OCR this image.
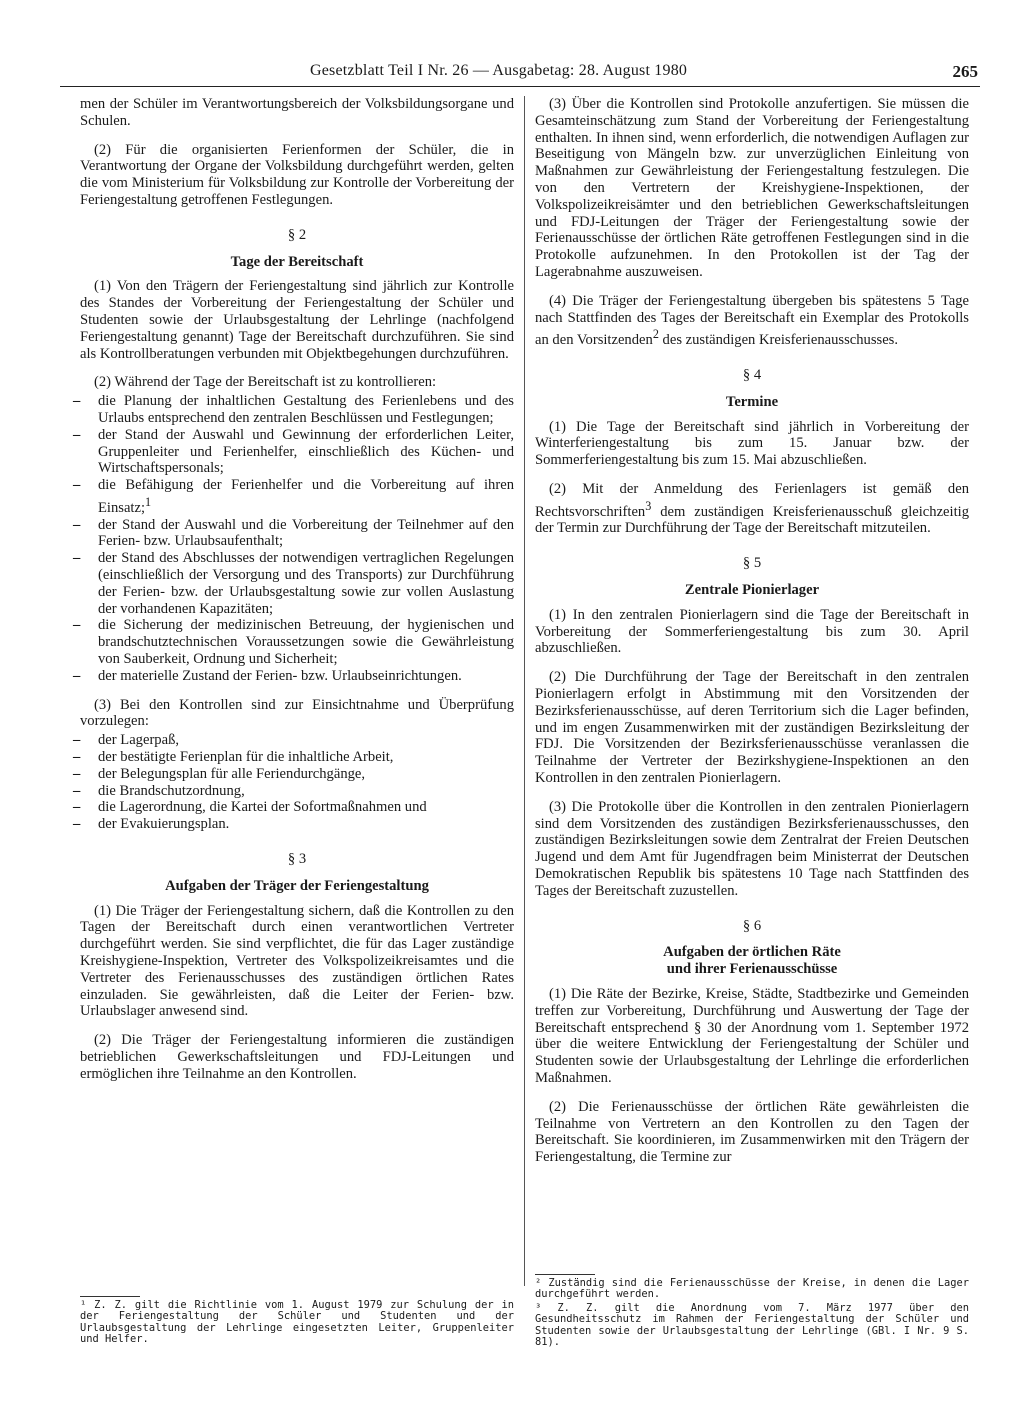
Gesetzblatt Teil I Nr. 26 — Ausgabetag: 28. August 1980	265

men der Schüler im Verantwortungsbereich der Volksbildungsorgane und Schulen.

(2) Für die organisierten Ferienformen der Schüler, die in Verantwortung der Organe der Volksbildung durchgeführt werden, gelten die vom Ministerium für Volksbildung zur Kontrolle der Vorbereitung der Feriengestaltung getroffenen Festlegungen.

§ 2
Tage der Bereitschaft

(1) Von den Trägern der Feriengestaltung sind jährlich zur Kontrolle des Standes der Vorbereitung der Feriengestaltung der Schüler und Studenten sowie der Urlaubsgestaltung der Lehrlinge (nachfolgend Feriengestaltung genannt) Tage der Bereitschaft durchzuführen. Sie sind als Kontrollberatungen verbunden mit Objektbegehungen durchzuführen.

(2) Während der Tage der Bereitschaft ist zu kontrollieren:

– die Planung der inhaltlichen Gestaltung des Ferienlebens und des Urlaubs entsprechend den zentralen Beschlüssen und Festlegungen;
– der Stand der Auswahl und Gewinnung der erforderlichen Leiter, Gruppenleiter und Ferienhelfer, einschließlich des Küchen- und Wirtschaftspersonals;
– die Befähigung der Ferienhelfer und die Vorbereitung auf ihren Einsatz;$^1$
– der Stand der Auswahl und die Vorbereitung der Teilnehmer auf den Ferien- bzw. Urlaubsaufenthalt;
– der Stand des Abschlusses der notwendigen vertraglichen Regelungen (einschließlich der Versorgung und des Transports) zur Durchführung der Ferien- bzw. der Urlaubsgestaltung sowie zur vollen Auslastung der vorhandenen Kapazitäten;
– die Sicherung der medizinischen Betreuung, der hygienischen und brandschutztechnischen Voraussetzungen sowie die Gewährleistung von Sauberkeit, Ordnung und Sicherheit;
– der materielle Zustand der Ferien- bzw. Urlaubseinrichtungen.

(3) Bei den Kontrollen sind zur Einsichtnahme und Überprüfung vorzulegen:

– der Lagerpaß,
– der bestätigte Ferienplan für die inhaltliche Arbeit,
– der Belegungsplan für alle Feriendurchgänge,
– die Brandschutzordnung,
– die Lagerordnung, die Kartei der Sofortmaßnahmen und
– der Evakuierungsplan.
§ 3
Aufgaben der Träger der Feriengestaltung

(1) Die Träger der Feriengestaltung sichern, daß die Kontrollen zu den Tagen der Bereitschaft durch einen verantwortlichen Vertreter durchgeführt werden. Sie sind verpflichtet, die für das Lager zuständige Kreishygiene-Inspektion, Vertreter des Volkspolizeikreisamtes und die Vertreter des Ferienausschusses des zuständigen örtlichen Rates einzuladen. Sie gewährleisten, daß die Leiter der Ferien- bzw. Urlaubslager anwesend sind.

(2) Die Träger der Feriengestaltung informieren die zuständigen betrieblichen Gewerkschaftsleitungen und FDJ-Leitungen und ermöglichen ihre Teilnahme an den Kontrollen.

(3) Über die Kontrollen sind Protokolle anzufertigen. Sie müssen die Gesamteinschätzung zum Stand der Vorbereitung der Feriengestaltung enthalten. In ihnen sind, wenn erforderlich, die notwendigen Auflagen zur Beseitigung von Mängeln bzw. zur unverzüglichen Einleitung von Maßnahmen zur Gewährleistung der Feriengestaltung festzulegen. Die von den Vertretern der Kreishygiene-Inspektionen, der Volkspolizeikreisämter und den betrieblichen Gewerkschaftsleitungen und FDJ-Leitungen der Träger der Feriengestaltung sowie der Ferienausschüsse der örtlichen Räte getroffenen Festlegungen sind in die Protokolle aufzunehmen. In den Protokollen ist der Tag der Lagerabnahme auszuweisen.

(4) Die Träger der Feriengestaltung übergeben bis spätestens 5 Tage nach Stattfinden des Tages der Bereitschaft ein Exemplar des Protokolls an den Vorsitzenden$^2$ des zuständigen Kreisferienausschusses.

§ 4
Termine

(1) Die Tage der Bereitschaft sind jährlich in Vorbereitung der Winterferiengestaltung bis zum 15. Januar bzw. der Sommerferiengestaltung bis zum 15. Mai abzuschließen.

(2) Mit der Anmeldung des Ferienlagers ist gemäß den Rechtsvorschriften$^3$ dem zuständigen Kreisferienausschuß gleichzeitig der Termin zur Durchführung der Tage der Bereitschaft mitzuteilen.

§ 5
Zentrale Pionierlager

(1) In den zentralen Pionierlagern sind die Tage der Bereitschaft in Vorbereitung der Sommerferiengestaltung bis zum 30. April abzuschließen.

(2) Die Durchführung der Tage der Bereitschaft in den zentralen Pionierlagern erfolgt in Abstimmung mit den Vorsitzenden der Bezirksferienausschüsse, auf deren Territorium sich die Lager befinden, und im engen Zusammenwirken mit der zuständigen Bezirksleitung der FDJ. Die Vorsitzenden der Bezirksferienausschüsse veranlassen die Teilnahme der Vertreter der Bezirkshygiene-Inspektionen an den Kontrollen in den zentralen Pionierlagern.

(3) Die Protokolle über die Kontrollen in den zentralen Pionierlagern sind dem Vorsitzenden des zuständigen Bezirksferienausschusses, den zuständigen Bezirksleitungen sowie dem Zentralrat der Freien Deutschen Jugend und dem Amt für Jugendfragen beim Ministerrat der Deutschen Demokratischen Republik bis spätestens 10 Tage nach Stattfinden des Tages der Bereitschaft zuzustellen.

§ 6
Aufgaben der örtlichen Räte
und ihrer Ferienausschüsse

(1) Die Räte der Bezirke, Kreise, Städte, Stadtbezirke und Gemeinden treffen zur Vorbereitung, Durchführung und Auswertung der Tage der Bereitschaft entsprechend § 30 der Anordnung vom 1. September 1972 über die weitere Entwicklung der Feriengestaltung der Schüler und Studenten sowie der Urlaubsgestaltung der Lehrlinge die erforderlichen Maßnahmen.

(2) Die Ferienausschüsse der örtlichen Räte gewährleisten die Teilnahme von Vertretern an den Kontrollen zu den Tagen der Bereitschaft. Sie koordinieren, im Zusammenwirken mit den Trägern der Feriengestaltung, die Termine zur

¹ Z. Z. gilt die Richtlinie vom 1. August 1979 zur Schulung der in der Feriengestaltung der Schüler und Studenten und der Urlaubsgestaltung der Lehrlinge eingesetzten Leiter, Gruppenleiter und Helfer.
² Zuständig sind die Ferienausschüsse der Kreise, in denen die Lager durchgeführt werden.
³ Z. Z. gilt die Anordnung vom 7. März 1977 über den Gesundheitsschutz im Rahmen der Feriengestaltung der Schüler und Studenten sowie der Urlaubsgestaltung der Lehrlinge (GBl. I Nr. 9 S. 81).
